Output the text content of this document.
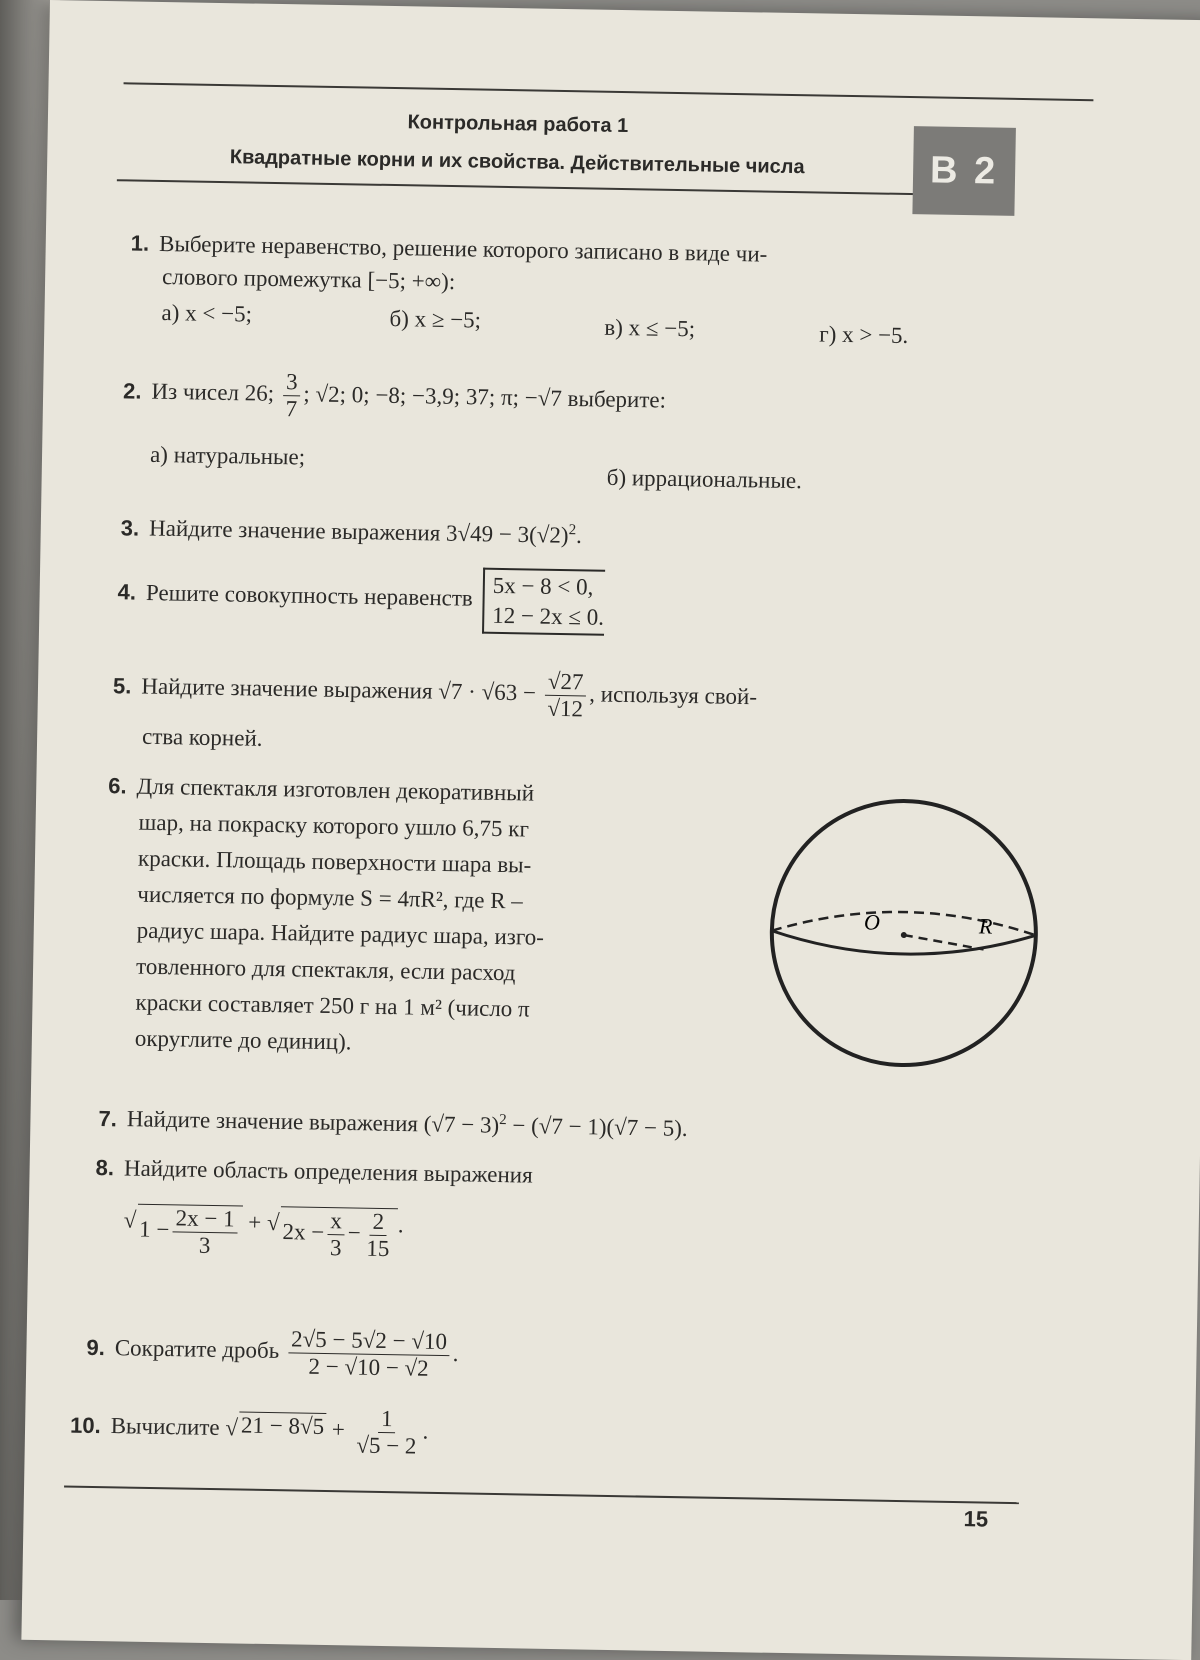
Контрольная работа 1
Квадратные корни и их свойства. Действительные числа	В 2
1. Выберите неравенство, решение которого записано в виде чи-
слового промежутка [−5; +∞):
а) x < −5;	б) x ≥ −5;	в) x ≤ −5;	г) x > −5.
2. Из чисел 26; $\frac{3}{7}$ ; √2; 0; −8; −3,9; 37; π; −√7 выберите:
а) натуральные;
б) иррациональные.
3. Найдите значение выражения $3√49 - 3(√2)^2$.
4. Решите совокупность неравенств 5x − 8 < 0,
12 − 2x ≤ 0.
5. Найдите значение выражения $√7 \cdot √63 - \frac{√27}{√12}$ , используя свой-
ства корней.
6. Для спектакля изготовлен декоративный
шар, на покраску которого ушло 6,75 кг
краски. Площадь поверхности шара вы-
числяется по формуле S = 4πR², где R –
радиус шара. Найдите радиус шара, изго-
товленного для спектакля, если расход
краски составляет 250 г на 1 м² (число π
округлите до единиц).
O	R
7. Найдите значение выражения $(√7 - 3)^2 - (√7 - 1)(√7 - 5)$.
8. Найдите область определения выражения
√ $1 - \frac{2x - 1}{3}$ + √ $2x - \frac{x}{3} - \frac{2}{15}$ .
9. Сократите дробь $\frac{2√5 - 5√2 - √10}{2 - √10 - √2}$ .
10. Вычислите √ $21 - 8√5 + \frac{1}{√5 - 2}$ .
15
